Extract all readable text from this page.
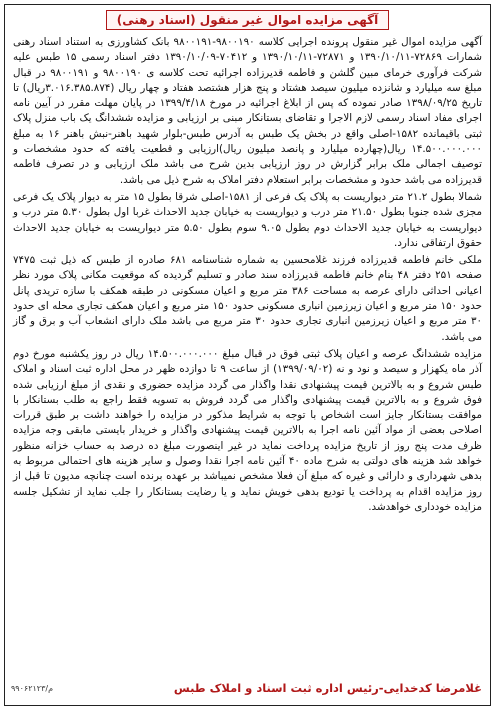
آگهی مزایده اموال غیر منقول (اسناد رهنی)

آگهی مزایده اموال غیر منقول پرونده اجرایی کلاسه ۹۸۰۰۱۹۰-۹۸۰۰۱۹۱ بانک کشاورزی به استناد اسناد رهنی شمارات ۷۲۸۶۹-۱۳۹۰/۱۰/۱۱ و ۷۲۸۷۱-۱۳۹۰/۱۰/۱۱ و ۷۰۴۱۲-۱۳۹۰/۱۰/۰۹ دفتر اسناد رسمی ۱۵ طبس علیه شرکت فرآوری خرمای مبین گلشن و فاطمه قدیرزاده اجرائیه تحت کلاسه ی ۹۸۰۰۱۹۰ و ۹۸۰۰۱۹۱ در قبال مبلغ سه میلیارد و شانزده میلیون سیصد هشتاد و پنج هزار هشتصد هفتاد و چهار ریال (۳.۰۱۶.۳۸۵.۸۷۴ریال) تا تاریخ ۱۳۹۸/۰۹/۲۵ صادر نموده که پس از ابلاغ اجرائیه در مورخ ۱۳۹۹/۴/۱۸ در پایان مهلت مقرر در آیین نامه اجرای مفاد اسناد رسمی لازم الاجرا و تقاضای بستانکار مبنی بر ارزیابی و مزایده ششدانگ یک باب منزل پلاک ثبتی باقیمانده ۱۵۸۲-اصلی واقع در بخش یک طبس به آدرس طبس-بلوار شهید باهنر-نبش باهنر ۱۶ به مبلغ ۱۴.۵۰۰.۰۰۰.۰۰۰ ریال(چهارده میلیارد و پانصد میلیون ریال)ارزیابی و قطعیت یافته که حدود مشخصات و توصیف اجمالی ملک برابر گزارش در روز ارزیابی بدین شرح می باشد ملک ارزیابی و در تصرف فاطمه قدیرزاده می باشد حدود و مشخصات برابر استعلام دفتر املاک به شرح ذیل می باشد.

شمالا بطول ۲۱.۲ متر دیواریست به پلاک یک فرعی از ۱۵۸۱-اصلی شرقا بطول ۱۵ متر به دیوار پلاک یک فرعی مجزی شده جنوبا بطول ۲۱.۵۰ متر درب و دیواریست به خیابان جدید الاحداث غربا اول بطول ۵.۳۰ متر درب و دیواریست به خیابان جدید الاحداث دوم بطول ۹.۰۵ سوم بطول ۵.۵۰ متر دیواریست به خیابان جدید الاحداث حقوق ارتفاقی ندارد.

ملکی خانم فاطمه قدیرزاده فرزند غلامحسین به شماره شناسنامه ۶۸۱ صادره از طبس که ذیل ثبت ۷۴۷۵ صفحه ۲۵۱ دفتر ۴۸ بنام خانم فاطمه قدیرزاده سند صادر و تسلیم گردیده که موقعیت مکانی پلاک مورد نظر اعیانی احداثی دارای عرصه به مساحت ۳۸۶ متر مربع و اعیان مسکونی در طبقه همکف با سازه تریدی پانل حدود ۱۵۰ متر مربع و اعیان زیرزمین انباری مسکونی حدود ۱۵۰ متر مربع و اعیان همکف تجاری محله ای حدود ۳۰ متر مربع و اعیان زیرزمین انباری تجاری حدود ۳۰ متر مربع می باشد ملک دارای انشعاب آب و برق و گاز می باشد.

مزایده ششدانگ عرصه و اعیان پلاک ثبتی فوق در قبال مبلغ ۱۴.۵۰۰.۰۰۰.۰۰۰ ریال در روز یکشنبه مورخ دوم آذر ماه یکهزار و سیصد و نود و نه (۱۳۹۹/۰۹/۰۲) از ساعت ۹ تا دوازده ظهر در محل اداره ثبت اسناد و املاک طبس شروع و به بالاترین قیمت پیشنهادی نقدا واگذار می گردد مزایده حضوری و نقدی از مبلغ ارزیابی شده فوق شروع و به بالاترین قیمت پیشنهادی واگذار می گردد فروش به تسویه فقط راجع به طلب بستانکار با موافقت بستانکار جایز است اشخاص با توجه به شرایط مذکور در مزایده را خواهند داشت بر طبق قررات اصلاحی بعضی از مواد آئین نامه اجرا به بالاترین قیمت پیشنهادی واگذار و خریدار بایستی مابقی وجه مزایده ظرف مدت پنج روز از تاریخ مزایده پرداخت نماید در غیر اینصورت مبلغ ده درصد به حساب خزانه منظور خواهد شد هزینه های دولتی به شرح ماده ۴۰ آئین نامه اجرا نقدا وصول و سایر هزینه های احتمالی مربوط به بدهی شهرداری و دارائی و غیره که مبلغ آن فعلا مشخص نمیباشد بر عهده برنده است چنانچه مدیون تا قبل از روز مزایده اقدام به پرداخت یا تودیع بدهی خویش نماید و یا رضایت بستانکار را جلب نماید از تشکیل جلسه مزایده خودداری خواهدشد.

غلامرضا کدخدایی-رئیس اداره ثبت اسناد و املاک طبس
م/۹۹۰۶۲۱۲۳
